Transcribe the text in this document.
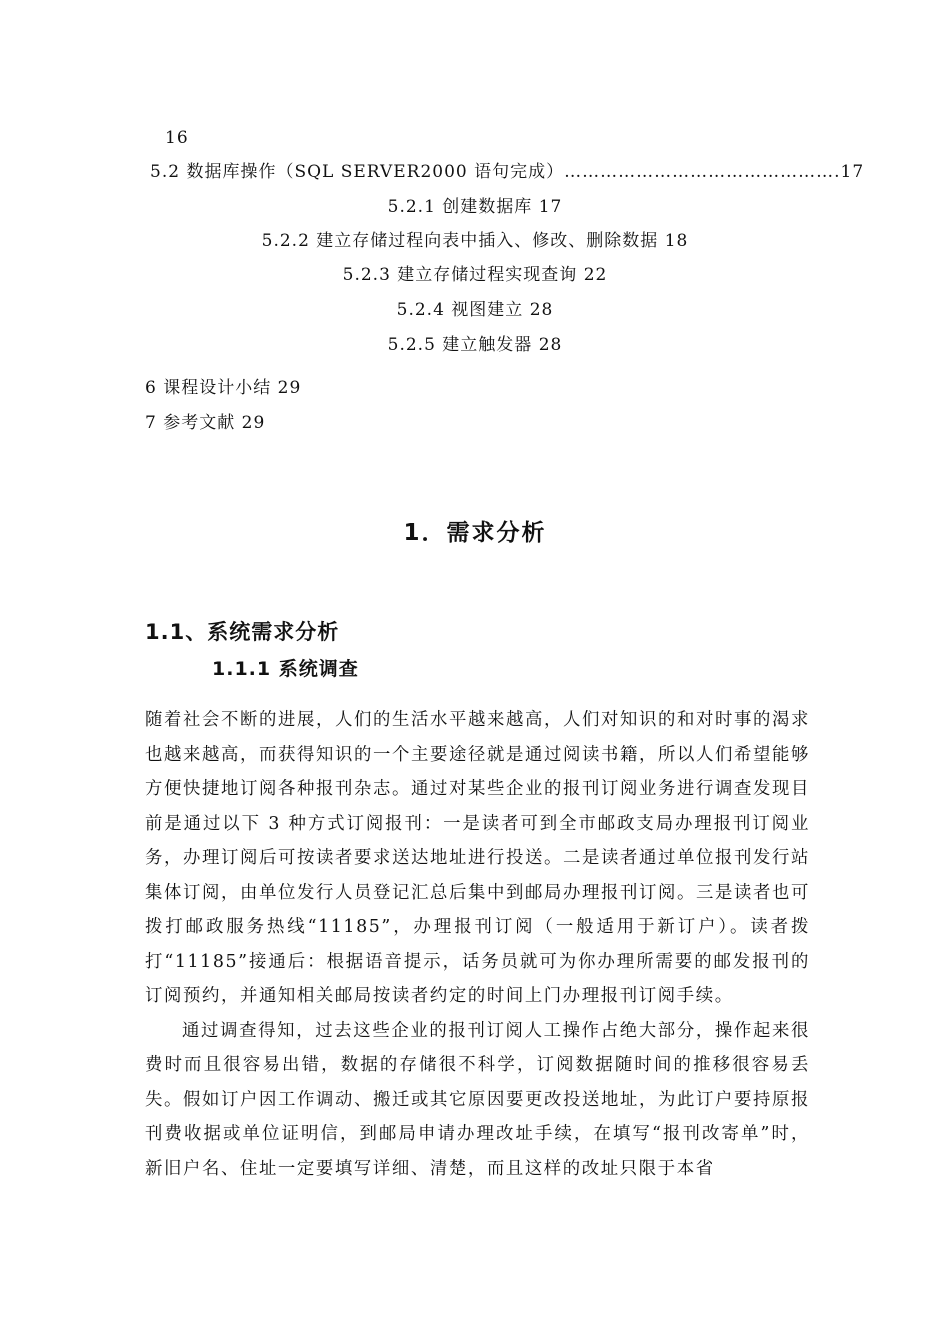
16
5.2 数据库操作（SQL SERVER2000 语句完成）……………………………………….17
5.2.1 创建数据库 17
5.2.2 建立存储过程向表中插入、修改、删除数据 18
5.2.3 建立存储过程实现查询 22
5.2.4 视图建立 28
5.2.5 建立触发器 28
6 课程设计小结 29
7 参考文献 29
1．需求分析
1.1、系统需求分析
1.1.1 系统调查

随着社会不断的进展，人们的生活水平越来越高，人们对知识的和对时事的渴求也越来越高，而获得知识的一个主要途径就是通过阅读书籍，所以人们希望能够方便快捷地订阅各种报刊杂志。通过对某些企业的报刊订阅业务进行调查发现目前是通过以下 3 种方式订阅报刊：一是读者可到全市邮政支局办理报刊订阅业务，办理订阅后可按读者要求送达地址进行投送。二是读者通过单位报刊发行站集体订阅，由单位发行人员登记汇总后集中到邮局办理报刊订阅。三是读者也可拨打邮政服务热线“11185”，办理报刊订阅（一般适用于新订户）。读者拨打“11185”接通后：根据语音提示，话务员就可为你办理所需要的邮发报刊的订阅预约，并通知相关邮局按读者约定的时间上门办理报刊订阅手续。

通过调查得知，过去这些企业的报刊订阅人工操作占绝大部分，操作起来很费时而且很容易出错，数据的存储很不科学，订阅数据随时间的推移很容易丢失。假如订户因工作调动、搬迁或其它原因要更改投送地址，为此订户要持原报刊费收据或单位证明信，到邮局申请办理改址手续，在填写“报刊改寄单”时，新旧户名、住址一定要填写详细、清楚，而且这样的改址只限于本省
